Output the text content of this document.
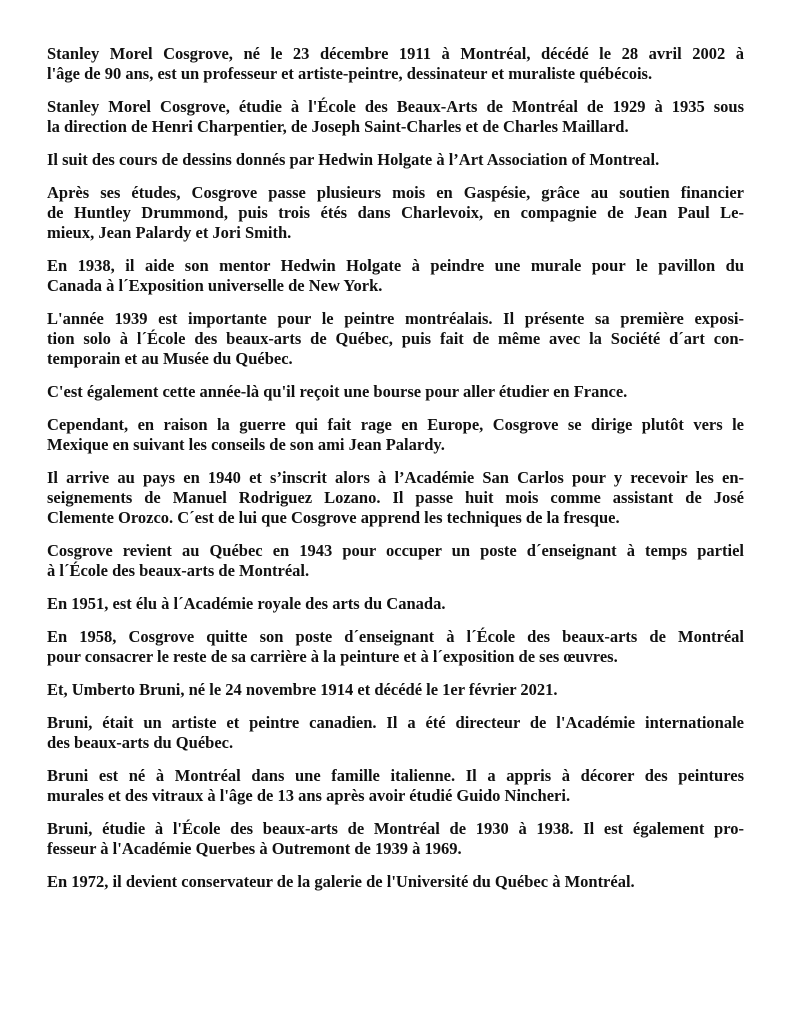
Stanley Morel Cosgrove, né le 23 décembre 1911 à Montréal, décédé le 28 avril 2002 à
l'âge de 90 ans, est un professeur et artiste-peintre, dessinateur et muraliste québécois.

Stanley Morel Cosgrove, étudie à l'École des Beaux-Arts de Montréal de 1929 à 1935 sous
la direction de Henri Charpentier, de Joseph Saint-Charles et de Charles Maillard.

Il suit des cours de dessins donnés par Hedwin Holgate à l’Art Association of Montreal.

Après ses études, Cosgrove passe plusieurs mois en Gaspésie, grâce au soutien financier
de Huntley Drummond, puis trois étés dans Charlevoix, en compagnie de Jean Paul Le-
mieux, Jean Palardy et Jori Smith.

En 1938, il aide son mentor Hedwin Holgate à peindre une murale pour le pavillon du
Canada à l´Exposition universelle de New York.

L'année 1939 est importante pour le peintre montréalais. Il présente sa première exposi-
tion solo à l´École des beaux-arts de Québec, puis fait de même avec la Société d´art con-
temporain et au Musée du Québec.

C'est également cette année-là qu'il reçoit une bourse pour aller étudier en France.

Cependant, en raison la guerre qui fait rage en Europe, Cosgrove se dirige plutôt vers le
Mexique en suivant les conseils de son ami Jean Palardy.

Il arrive au pays en 1940 et s’inscrit alors à l’Académie San Carlos pour y recevoir les en-
seignements de Manuel Rodriguez Lozano. Il passe huit mois comme assistant de José
Clemente Orozco. C´est de lui que Cosgrove apprend les techniques de la fresque.

Cosgrove revient au Québec en 1943 pour occuper un poste d´enseignant à temps partiel
à l´École des beaux-arts de Montréal.

En 1951, est élu à l´Académie royale des arts du Canada.

En 1958, Cosgrove quitte son poste d´enseignant à l´École des beaux-arts de Montréal
pour consacrer le reste de sa carrière à la peinture et à l´exposition de ses œuvres.

Et, Umberto Bruni, né le 24 novembre 1914 et décédé le 1er février 2021.

Bruni, était un artiste et peintre canadien. Il a été directeur de l'Académie internationale
des beaux-arts du Québec.

Bruni est né à Montréal dans une famille italienne. Il a appris à décorer des peintures
murales et des vitraux à l'âge de 13 ans après avoir étudié Guido Nincheri.

Bruni, étudie à l'École des beaux-arts de Montréal de 1930 à 1938. Il est également pro-
fesseur à l'Académie Querbes à Outremont de 1939 à 1969.

En 1972, il devient conservateur de la galerie de l'Université du Québec à Montréal.
